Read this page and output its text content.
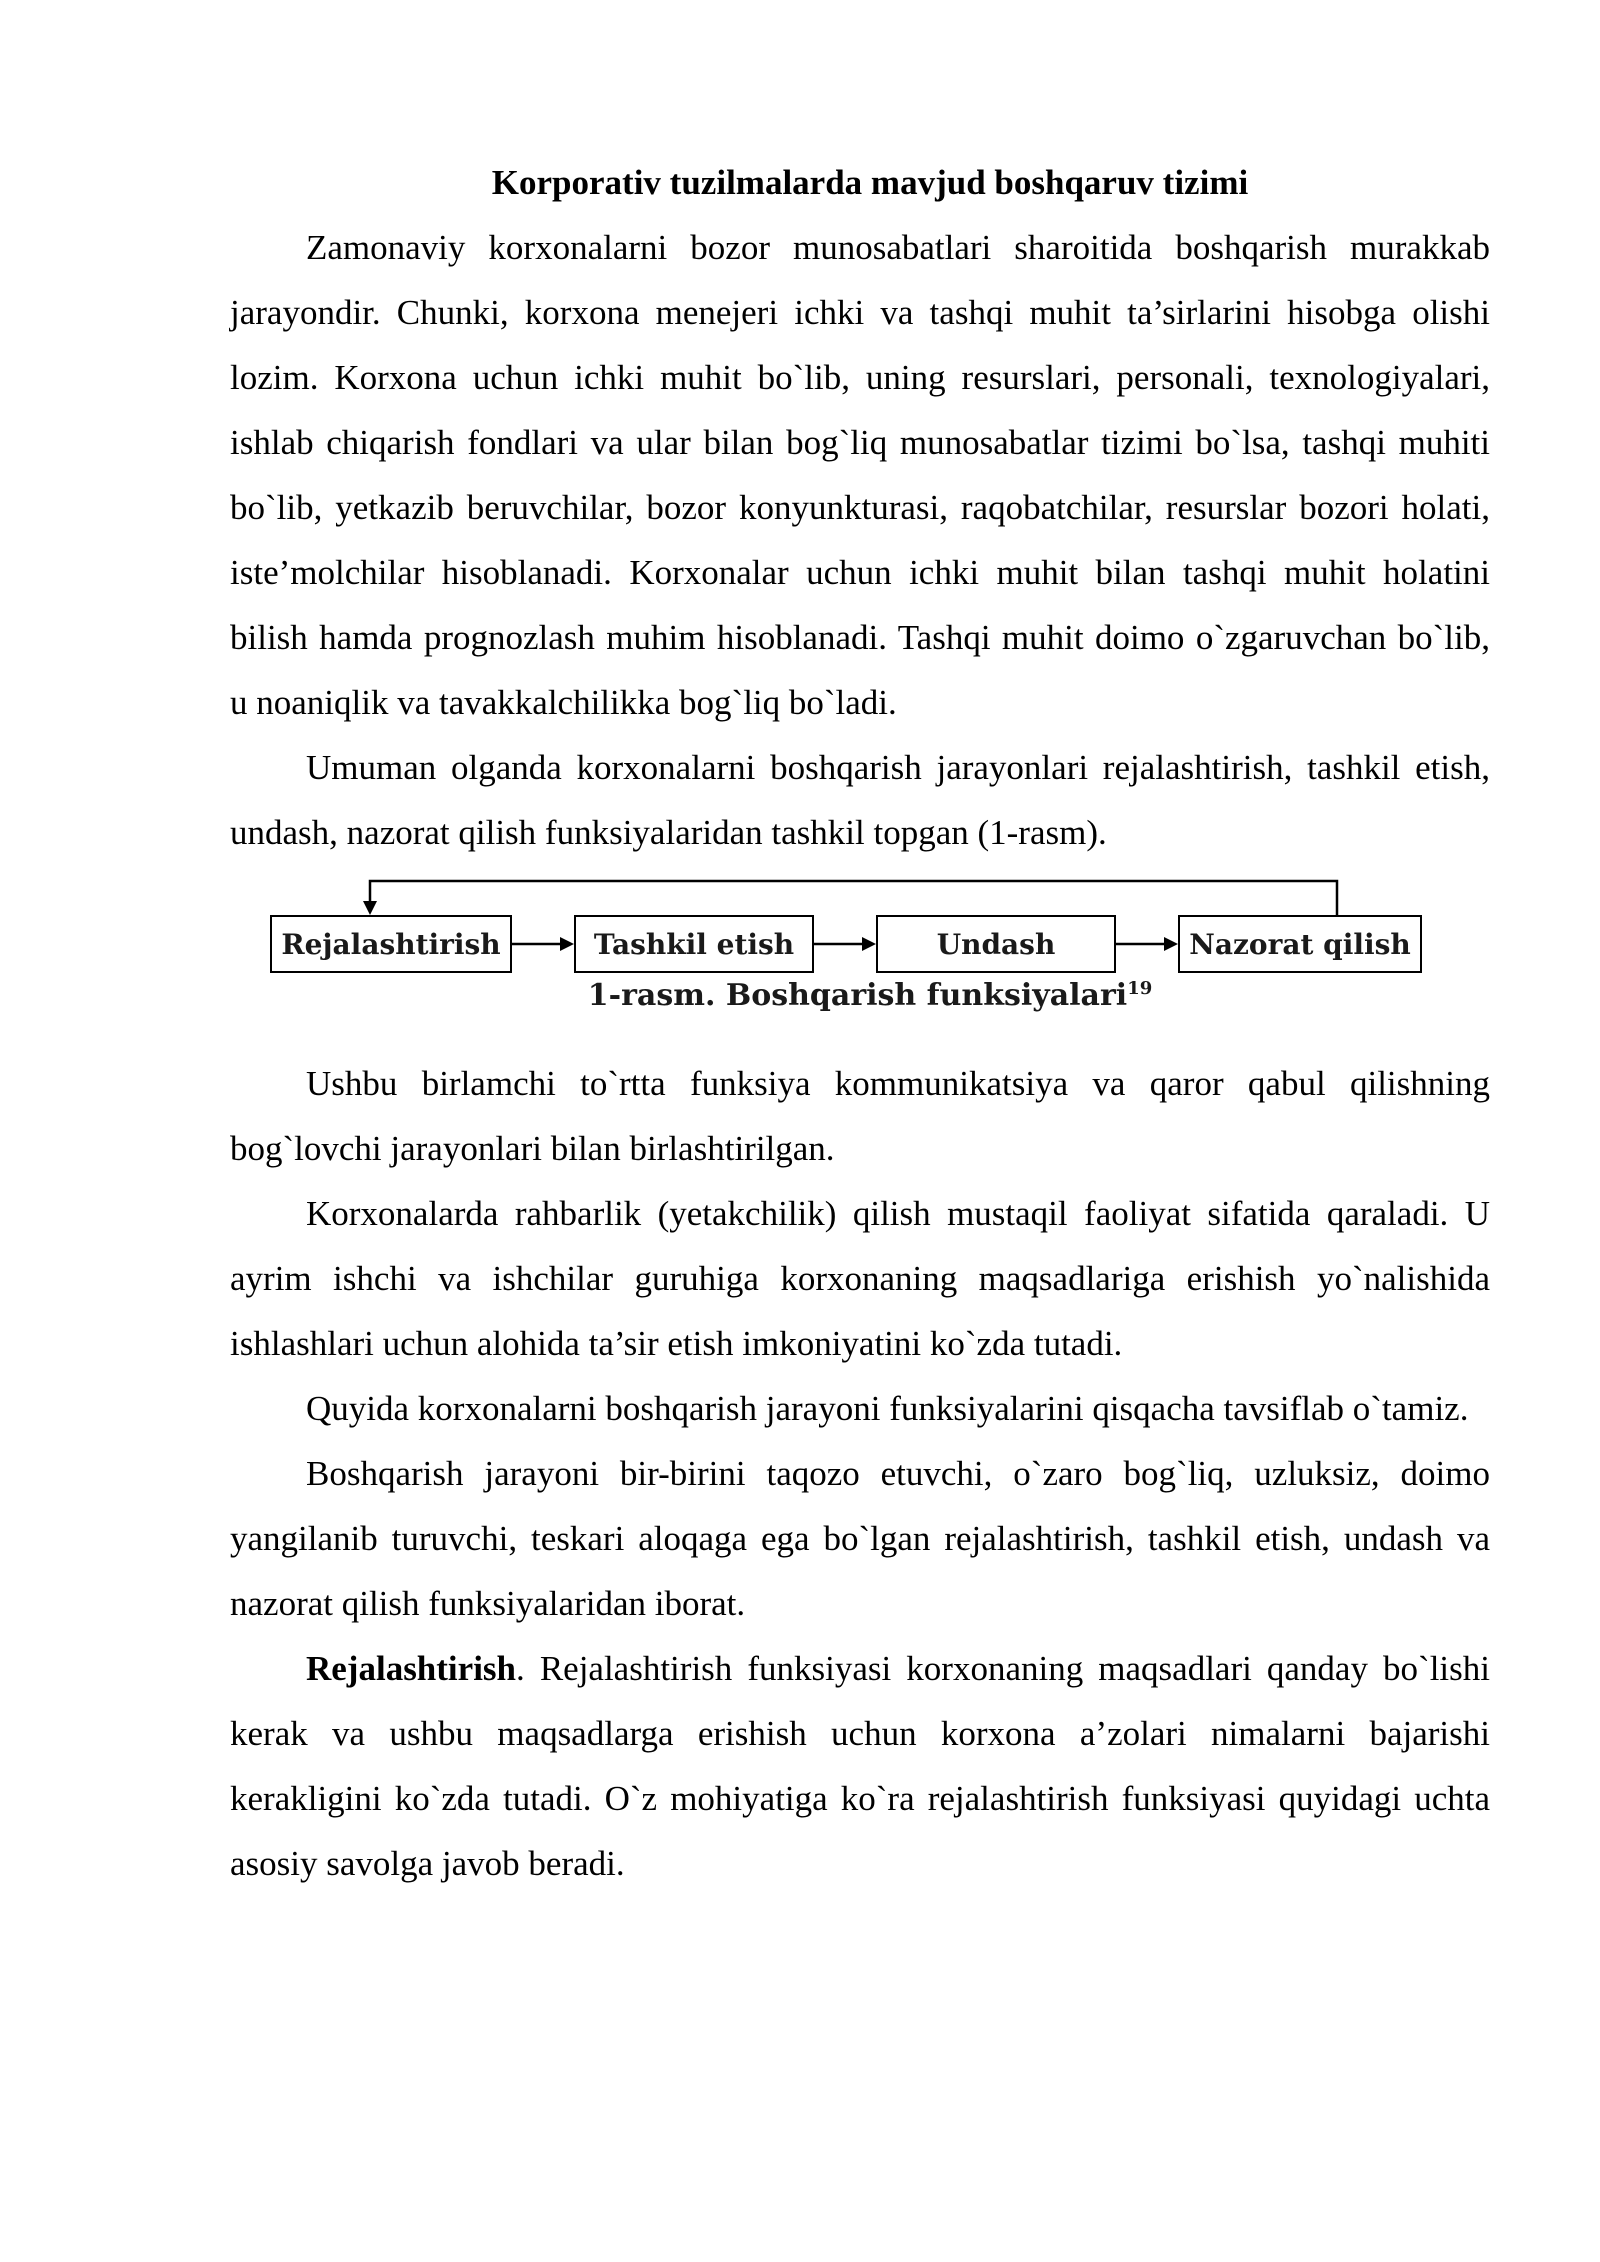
Korporativ tuzilmalarda mavjud boshqaruv tizimi

Zamonaviy korxonalarni bozor munosabatlari sharoitida boshqarish murakkab jarayondir. Chunki, korxona menejeri ichki va tashqi muhit ta’sirlarini hisobga olishi lozim. Korxona uchun ichki muhit bo`lib, uning resurslari, personali, texnologiyalari, ishlab chiqarish fondlari va ular bilan bog`liq munosabatlar tizimi bo`lsa, tashqi muhiti bo`lib, yetkazib beruvchilar, bozor konyunkturasi, raqobatchilar, resurslar bozori holati, iste’molchilar hisoblanadi. Korxonalar uchun ichki muhit bilan tashqi muhit holatini bilish hamda prognozlash muhim hisoblanadi. Tashqi muhit doimo o`zgaruvchan bo`lib, u noaniqlik va tavakkalchilikka bog`liq bo`ladi.

Umuman olganda korxonalarni boshqarish jarayonlari rejalashtirish, tashkil etish, undash, nazorat qilish funksiyalaridan tashkil topgan (1-rasm).

Rejalashtirish	Tashkil etish	Undash	Nazorat qilish
1-rasm. Boshqarish funksiyalari$^{19}$

Ushbu birlamchi to`rtta funksiya kommunikatsiya va qaror qabul qilishning bog`lovchi jarayonlari bilan birlashtirilgan.

Korxonalarda rahbarlik (yetakchilik) qilish mustaqil faoliyat sifatida qaraladi. U ayrim ishchi va ishchilar guruhiga korxonaning maqsadlariga erishish yo`nalishida ishlashlari uchun alohida ta’sir etish imkoniyatini ko`zda tutadi.

Quyida korxonalarni boshqarish jarayoni funksiyalarini qisqacha tavsiflab o`tamiz.

Boshqarish jarayoni bir-birini taqozo etuvchi, o`zaro bog`liq, uzluksiz, doimo yangilanib turuvchi, teskari aloqaga ega bo`lgan rejalashtirish, tashkil etish, undash va nazorat qilish funksiyalaridan iborat.

Rejalashtirish. Rejalashtirish funksiyasi korxonaning maqsadlari qanday bo`lishi kerak va ushbu maqsadlarga erishish uchun korxona a’zolari nimalarni bajarishi kerakligini ko`zda tutadi. O`z mohiyatiga ko`ra rejalashtirish funksiyasi quyidagi uchta asosiy savolga javob beradi.
